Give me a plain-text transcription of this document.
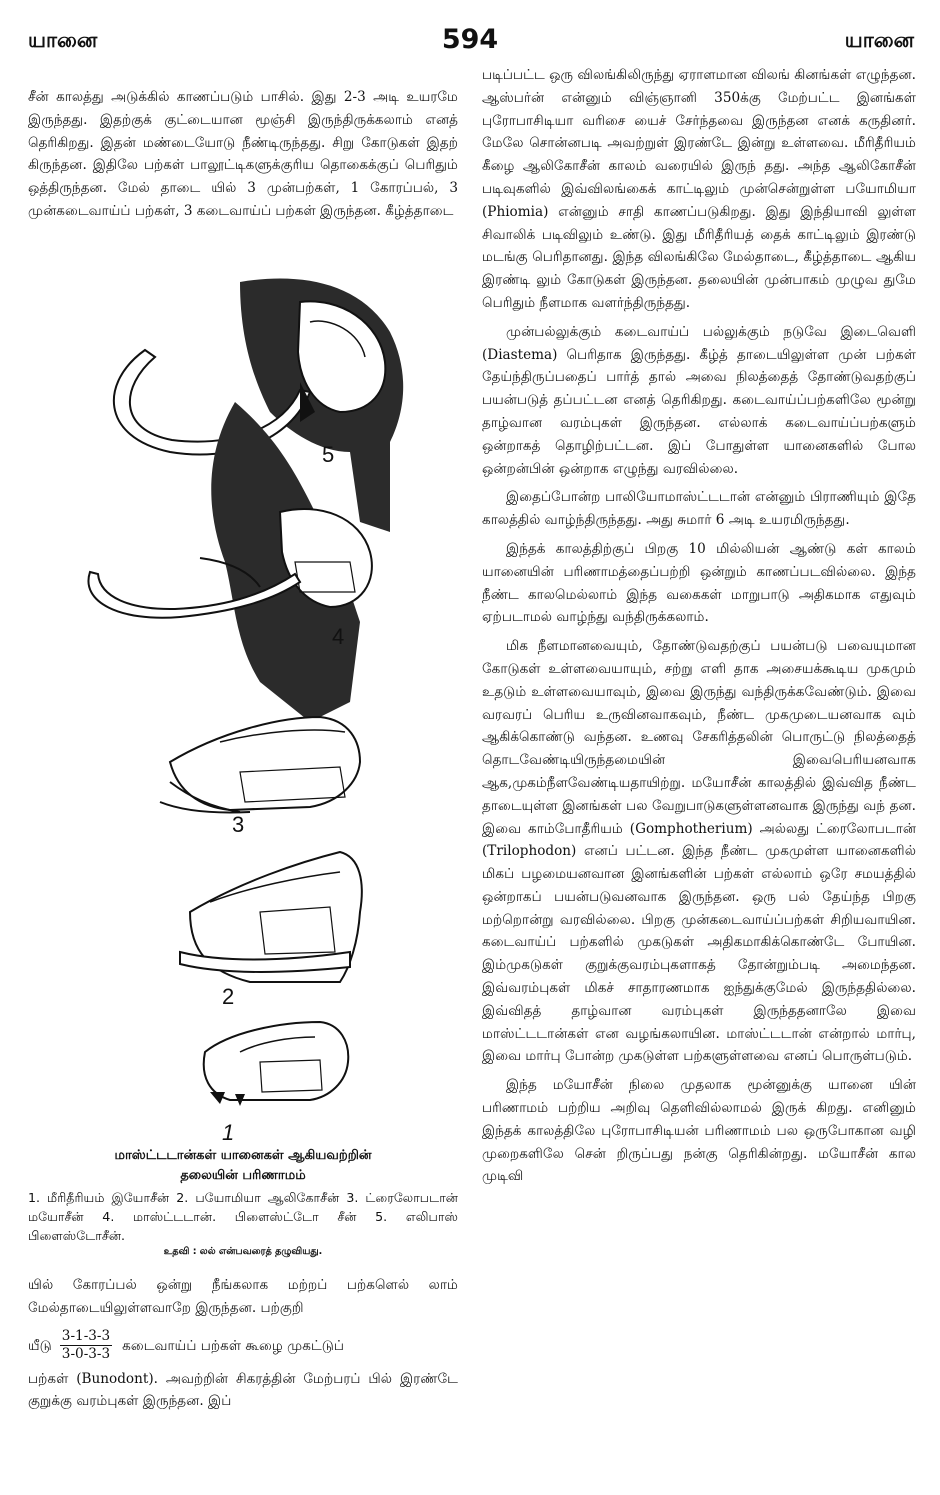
யானை	594	யானை

சீன் காலத்து அடுக்கில் காணப்படும் பாசில். இது 2-3 அடி உயரமே இருந்தது. இதற்குக் குட்டையான மூஞ்சி இருந்திருக்கலாம் எனத் தெரிகிறது. இதன் மண்டையோடு நீண்டிருந்தது. சிறு கோடுகள் இதற் கிருந்தன. இதிலே பற்கள் பாலூட்டிகளுக்குரிய தொகைக்குப் பெரிதும் ஒத்திருந்தன. மேல் தாடை யில் 3 முன்பற்கள், 1 கோரப்பல், 3 முன்கடைவாய்ப் பற்கள், 3 கடைவாய்ப் பற்கள் இருந்தன. கீழ்த்தாடை

5
4
3
2
1

மாஸ்ட்டடான்கள் யானைகள் ஆகியவற்றின்

தலையின் பரிணாமம்

1. மீரிதீரியம் இயோசீன் 2. பயோமியா ஆலிகோசீன் 3. ட்ரைலோபடான் மயோசீன் 4. மாஸ்ட்டடான். பிளைஸ்ட்டோ சீன் 5. எலிபாஸ் பிளைஸ்டோசீன்.
உதவி : லல் என்பவரைத் தழுவியது.

யில் கோரப்பல் ஒன்று நீங்கலாக மற்றப் பற்களெல் லாம் மேல்தாடையிலுள்ளவாறே இருந்தன. பற்குறி

யீடு $\frac{3-1-3-3}{3-0-3-3}$ கடைவாய்ப் பற்கள் கூழை முகட்டுப்

பற்கள் (Bunodont). அவற்றின் சிகரத்தின் மேற்பரப் பில் இரண்டே குறுக்கு வரம்புகள் இருந்தன. இப்

படிப்பட்ட ஒரு விலங்கிலிருந்து ஏராளமான விலங் கினங்கள் எழுந்தன. ஆஸ்பர்ன் என்னும் விஞ்ஞானி 350க்கு மேற்பட்ட இனங்கள் புரோபாசிடியா வரிசை யைச் சேர்ந்தவை இருந்தன எனக் கருதினர். மேலே சொன்னபடி அவற்றுள் இரண்டே இன்று உள்ளவை. மீரிதீரியம் கீழை ஆலிகோசீன் காலம் வரையில் இருந் தது. அந்த ஆலிகோசீன் படிவுகளில் இவ்விலங்கைக் காட்டிலும் முன்சென்றுள்ள பயோமியா (Phiomia) என்னும் சாதி காணப்படுகிறது. இது இந்தியாவி லுள்ள சிவாலிக் படிவிலும் உண்டு. இது மீரிதீரியத் தைக் காட்டிலும் இரண்டு மடங்கு பெரிதானது. இந்த விலங்கிலே மேல்தாடை, கீழ்த்தாடை ஆகிய இரண்டி லும் கோடுகள் இருந்தன. தலையின் முன்பாகம் முழுவ துமே பெரிதும் நீளமாக வளர்ந்திருந்தது.

முன்பல்லுக்கும் கடைவாய்ப் பல்லுக்கும் நடுவே இடைவெளி (Diastema) பெரிதாக இருந்தது. கீழ்த் தாடையிலுள்ள முன் பற்கள் தேய்ந்திருப்பதைப் பார்த் தால் அவை நிலத்தைத் தோண்டுவதற்குப் பயன்படுத் தப்பட்டன எனத் தெரிகிறது. கடைவாய்ப்பற்களிலே மூன்று தாழ்வான வரம்புகள் இருந்தன. எல்லாக் கடைவாய்ப்பற்களும் ஒன்றாகத் தொழிற்பட்டன. இப் போதுள்ள யானைகளில் போல ஒன்றன்பின் ஒன்றாக எழுந்து வரவில்லை.

இதைப்போன்ற பாலியோமாஸ்ட்டடான் என்னும் பிராணியும் இதே காலத்தில் வாழ்ந்திருந்தது. அது சுமார் 6 அடி உயரமிருந்தது.

இந்தக் காலத்திற்குப் பிறகு 10 மில்லியன் ஆண்டு கள் காலம் யானையின் பரிணாமத்தைப்பற்றி ஒன்றும் காணப்படவில்லை. இந்த நீண்ட காலமெல்லாம் இந்த வகைகள் மாறுபாடு அதிகமாக எதுவும் ஏற்படாமல் வாழ்ந்து வந்திருக்கலாம்.

மிக நீளமானவையும், தோண்டுவதற்குப் பயன்படு பவையுமான கோடுகள் உள்ளவையாயும், சற்று எளி தாக அசையக்கூடிய முகமும் உதடும் உள்ளவையாவும், இவை இருந்து வந்திருக்கவேண்டும். இவை வரவரப் பெரிய உருவினவாகவும், நீண்ட முகமுடையனவாக வும் ஆகிக்கொண்டு வந்தன. உணவு சேகரித்தலின் பொருட்டு நிலத்தைத் தொடவேண்டியிருந்தமையின் இவைபெரியனவாக ஆக,முகம்நீளவேண்டியதாயிற்று. மயோசீன் காலத்தில் இவ்வித நீண்ட தாடையுள்ள இனங்கள் பல வேறுபாடுகளுள்ளனவாக இருந்து வந் தன. இவை காம்போதீரியம் (Gomphotherium) அல்லது ட்ரைலோபடான் (Trilophodon) எனப் பட்டன. இந்த நீண்ட முகமுள்ள யானைகளில் மிகப் பழமையனவான இனங்களின் பற்கள் எல்லாம் ஒரே சமயத்தில் ஒன்றாகப் பயன்படுவனவாக இருந்தன. ஒரு பல் தேய்ந்த பிறகு மற்றொன்று வரவில்லை. பிறகு முன்கடைவாய்ப்பற்கள் சிறியவாயின. கடைவாய்ப் பற்களில் முகடுகள் அதிகமாகிக்கொண்டே போயின. இம்முகடுகள் குறுக்குவரம்புகளாகத் தோன்றும்படி அமைந்தன. இவ்வரம்புகள் மிகச் சாதாரணமாக ஐந்துக்குமேல் இருந்ததில்லை. இவ்விதத் தாழ்வான வரம்புகள் இருந்ததனாலே இவை மாஸ்ட்டடான்கள் என வழங்கலாயின. மாஸ்ட்டடான் என்றால் மார்பு, இவை மார்பு போன்ற முகடுள்ள பற்களுள்ளவை எனப் பொருள்படும்.

இந்த மயோசீன் நிலை முதலாக மூன்னுக்கு யானை யின் பரிணாமம் பற்றிய அறிவு தெளிவில்லாமல் இருக் கிறது. எனினும் இந்தக் காலத்திலே புரோபாசிடியன் பரிணாமம் பல ஒருபோகான வழி முறைகளிலே சென் றிருப்பது நன்கு தெரிகின்றது. மயோசீன் கால முடிவி
